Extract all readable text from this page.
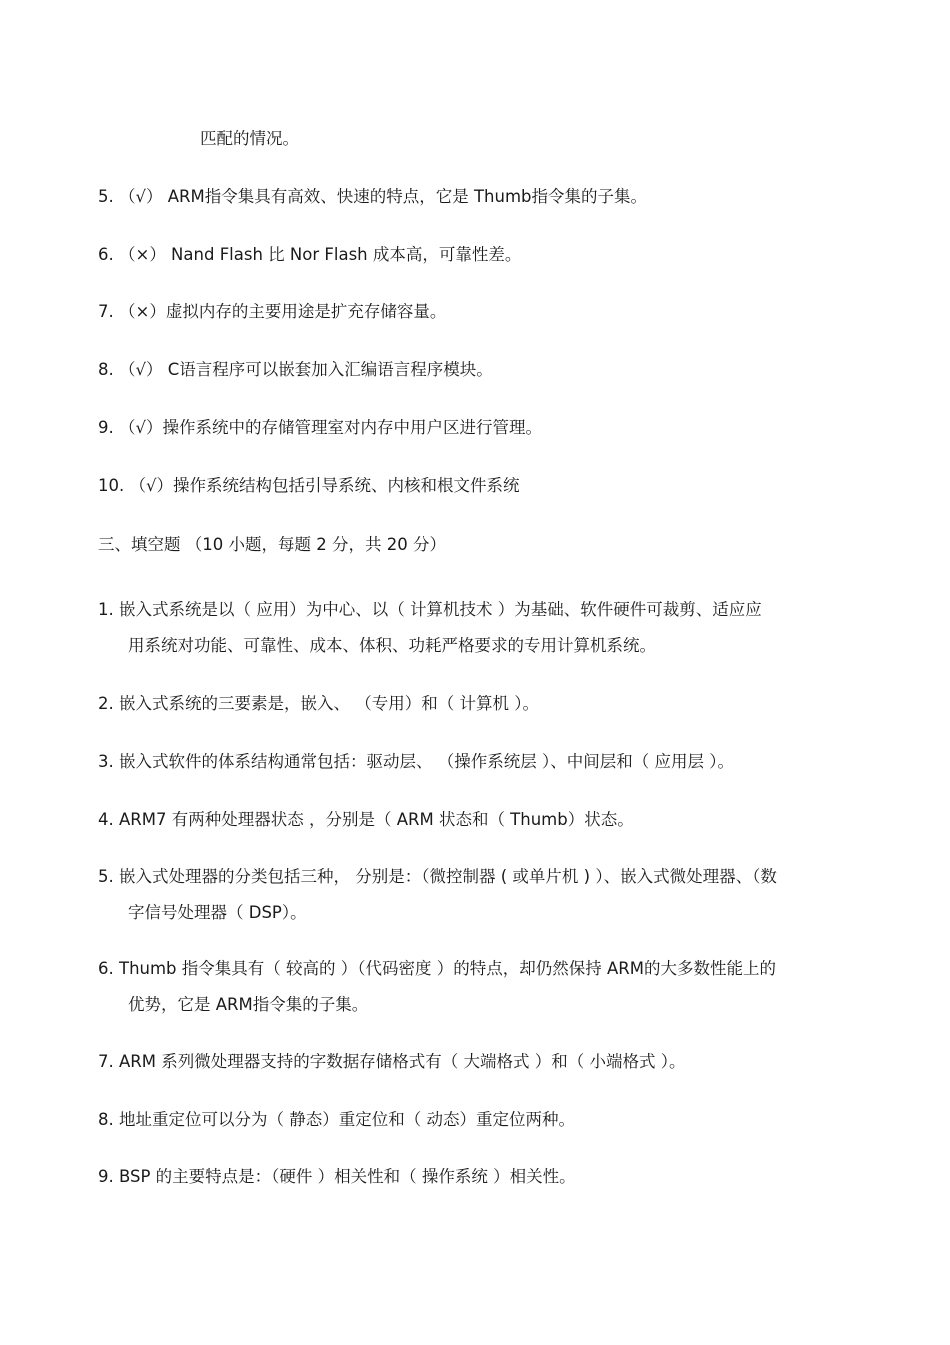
匹配的情况。
5. （√） ARM指令集具有高效、快速的特点，它是 Thumb指令集的子集。
6. （×） Nand Flash 比 Nor Flash 成本高，可靠性差。
7. （×）虚拟内存的主要用途是扩充存储容量。
8. （√） C语言程序可以嵌套加入汇编语言程序模块。
9. （√）操作系统中的存储管理室对内存中用户区进行管理。
10. （√）操作系统结构包括引导系统、内核和根文件系统
三、填空题 （10 小题，每题 2 分，共 20 分）
1. 嵌入式系统是以（ 应用）为中心、以（ 计算机技术 ）为基础、软件硬件可裁剪、适应应
用系统对功能、可靠性、成本、体积、功耗严格要求的专用计算机系统。
2. 嵌入式系统的三要素是，嵌入、 （专用）和（ 计算机 ）。
3. 嵌入式软件的体系结构通常包括：驱动层、 （操作系统层 ）、中间层和（ 应用层 ）。
4. ARM7 有两种处理器状态 ，分别是（ ARM 状态和（ Thumb）状态。
5. 嵌入式处理器的分类包括三种， 分别是：（微控制器 ( 或单片机 ) ）、嵌入式微处理器、（数
字信号处理器（ DSP）。
6. Thumb 指令集具有（ 较高的 ）（代码密度 ）的特点，却仍然保持 ARM的大多数性能上的
优势，它是 ARM指令集的子集。
7. ARM 系列微处理器支持的字数据存储格式有（ 大端格式 ）和（ 小端格式 ）。
8. 地址重定位可以分为（ 静态）重定位和（ 动态）重定位两种。
9. BSP 的主要特点是：（硬件 ）相关性和（ 操作系统 ）相关性。
